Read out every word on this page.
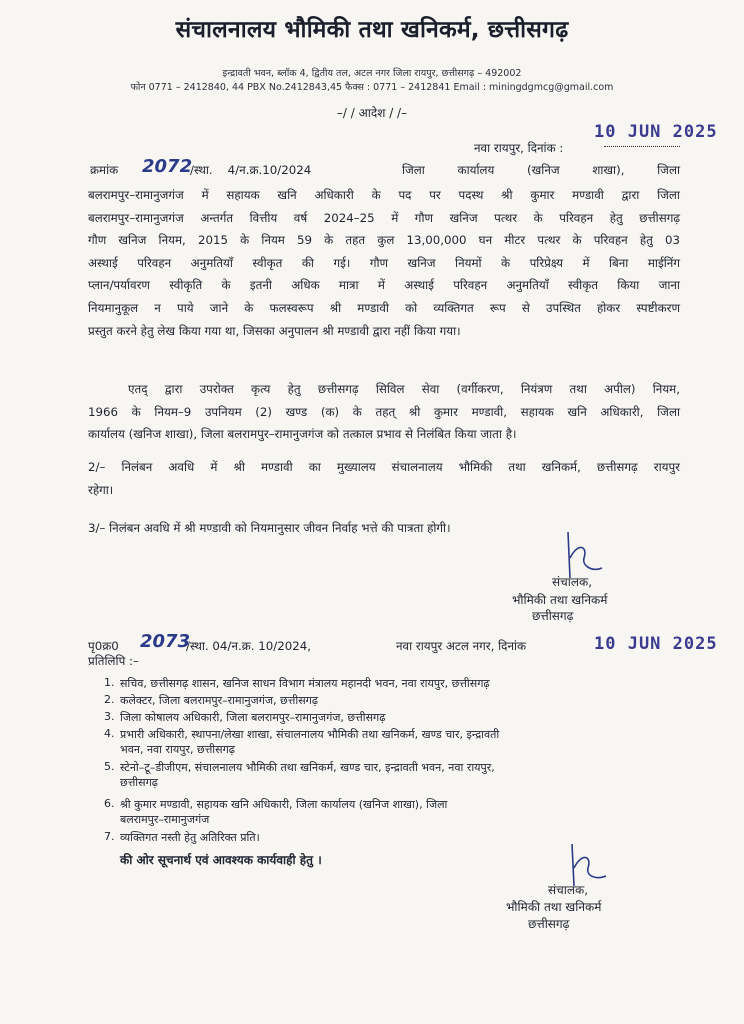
संचालनालय भौमिकी तथा खनिकर्म, छत्तीसगढ़
इन्द्रावती भवन, ब्लॉक 4, द्वितीय तल, अटल नगर जिला रायपुर, छत्तीसगढ़ – 492002
फोन 0771 – 2412840, 44 PBX No.2412843,45 फैक्स : 0771 – 2412841 Email : miningdgmcg@gmail.com
–/ / आदेश / /–
नवा रायपुर, दिनांक :
10 JUN 2025
क्रमांक 2072
/स्था.    4/न.क्र.10/2024	जिला कार्यालय (खनिज शाखा), जिला
बलरामपुर–रामानुजगंज में सहायक खनि अधिकारी के पद पर पदस्थ श्री कुमार मण्डावी द्वारा जिला
बलरामपुर–रामानुजगंज अन्तर्गत वित्तीय वर्ष 2024–25 में गौण खनिज पत्थर के परिवहन हेतु छत्तीसगढ़
गौण खनिज नियम, 2015 के नियम 59 के तहत कुल 13,00,000 घन मीटर पत्थर के परिवहन हेतु 03
अस्थाई परिवहन अनुमतियाँ स्वीकृत की गई। गौण खनिज नियमों के परिप्रेक्ष्य में बिना माईनिंग
प्लान/पर्यावरण स्वीकृति के इतनी अधिक मात्रा में अस्थाई परिवहन अनुमतियाँ स्वीकृत किया जाना
नियमानुकूल न पाये जाने के फलस्वरूप श्री मण्डावी को व्यक्तिगत रूप से उपस्थित होकर स्पष्टीकरण
प्रस्तुत करने हेतु लेख किया गया था, जिसका अनुपालन श्री मण्डावी द्वारा नहीं किया गया।
एतद् द्वारा उपरोक्त कृत्य हेतु छत्तीसगढ़ सिविल सेवा (वर्गीकरण, नियंत्रण तथा अपील) नियम,
1966 के नियम–9 उपनियम (2) खण्ड (क) के तहत् श्री कुमार मण्डावी, सहायक खनि अधिकारी, जिला
कार्यालय (खनिज शाखा), जिला बलरामपुर–रामानुजगंज को तत्काल प्रभाव से निलंबित किया जाता है।
2/– निलंबन अवधि में श्री मण्डावी का मुख्यालय संचालनालय भौमिकी तथा खनिकर्म, छत्तीसगढ़ रायपुर
रहेगा।
3/– निलंबन अवधि में श्री मण्डावी को नियमानुसार जीवन निर्वाह भत्ते की पात्रता होगी।
संचालक,
भौमिकी तथा खनिकर्म
छत्तीसगढ़
पृ0क्र0 2073
/स्था. 04/न.क्र. 10/2024,	नवा रायपुर अटल नगर, दिनांक	10 JUN 2025
प्रतिलिपि :–
1. सचिव, छत्तीसगढ़ शासन, खनिज साधन विभाग मंत्रालय महानदी भवन, नवा रायपुर, छत्तीसगढ़
2. कलेक्टर, जिला बलरामपुर–रामानुजगंज, छत्तीसगढ़
3. जिला कोषालय अधिकारी, जिला बलरामपुर–रामानुजगंज, छत्तीसगढ़
4. प्रभारी अधिकारी, स्थापना/लेखा शाखा, संचालनालय भौमिकी तथा खनिकर्म, खण्ड चार, इन्द्रावती
भवन, नवा रायपुर, छत्तीसगढ़
5. स्टेनो–टू–डीजीएम, संचालनालय भौमिकी तथा खनिकर्म, खण्ड चार, इन्द्रावती भवन, नवा रायपुर,
छत्तीसगढ़
6. श्री कुमार मण्डावी, सहायक खनि अधिकारी, जिला कार्यालय (खनिज शाखा), जिला
बलरामपुर–रामानुजगंज
7. व्यक्तिगत नस्ती हेतु अतिरिक्त प्रति।
की ओर सूचनार्थ एवं आवश्यक कार्यवाही हेतु ।
संचालक,
भौमिकी तथा खनिकर्म
छत्तीसगढ़
